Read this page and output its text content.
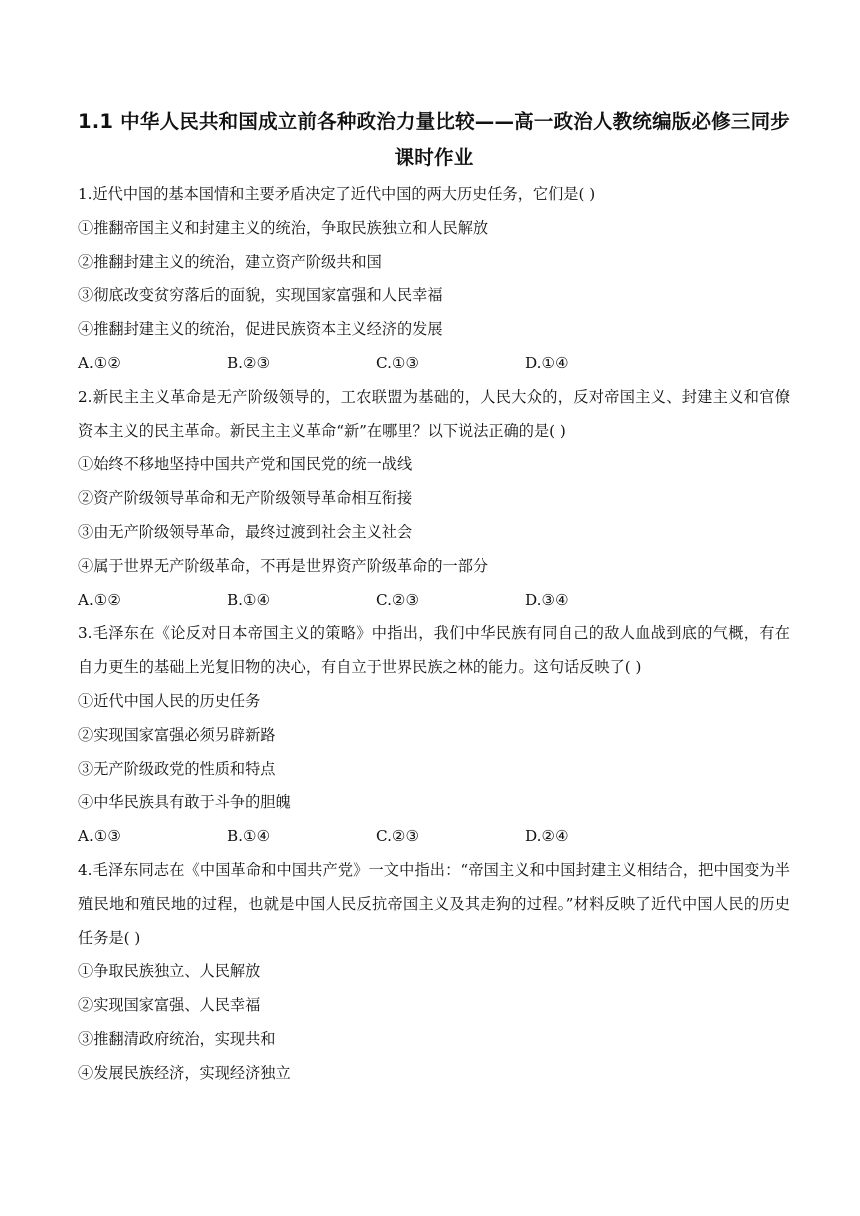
1.1 中华人民共和国成立前各种政治力量比较——高一政治人教统编版必修三同步课时作业

1.近代中国的基本国情和主要矛盾决定了近代中国的两大历史任务，它们是( )

①推翻帝国主义和封建主义的统治，争取民族独立和人民解放

②推翻封建主义的统治，建立资产阶级共和国

③彻底改变贫穷落后的面貌，实现国家富强和人民幸福

④推翻封建主义的统治，促进民族资本主义经济的发展

A.①②	B.②③	C.①③	D.①④

2.新民主主义革命是无产阶级领导的，工农联盟为基础的，人民大众的，反对帝国主义、封建主义和官僚资本主义的民主革命。新民主主义革命“新”在哪里？以下说法正确的是( )

①始终不移地坚持中国共产党和国民党的统一战线

②资产阶级领导革命和无产阶级领导革命相互衔接

③由无产阶级领导革命，最终过渡到社会主义社会

④属于世界无产阶级革命，不再是世界资产阶级革命的一部分

A.①②	B.①④	C.②③	D.③④

3.毛泽东在《论反对日本帝国主义的策略》中指出，我们中华民族有同自己的敌人血战到底的气概，有在自力更生的基础上光复旧物的决心，有自立于世界民族之林的能力。这句话反映了( )

①近代中国人民的历史任务

②实现国家富强必须另辟新路

③无产阶级政党的性质和特点

④中华民族具有敢于斗争的胆魄

A.①③	B.①④	C.②③	D.②④

4.毛泽东同志在《中国革命和中国共产党》一文中指出：“帝国主义和中国封建主义相结合，把中国变为半殖民地和殖民地的过程，也就是中国人民反抗帝国主义及其走狗的过程。”材料反映了近代中国人民的历史任务是( )

①争取民族独立、人民解放

②实现国家富强、人民幸福

③推翻清政府统治，实现共和

④发展民族经济，实现经济独立
